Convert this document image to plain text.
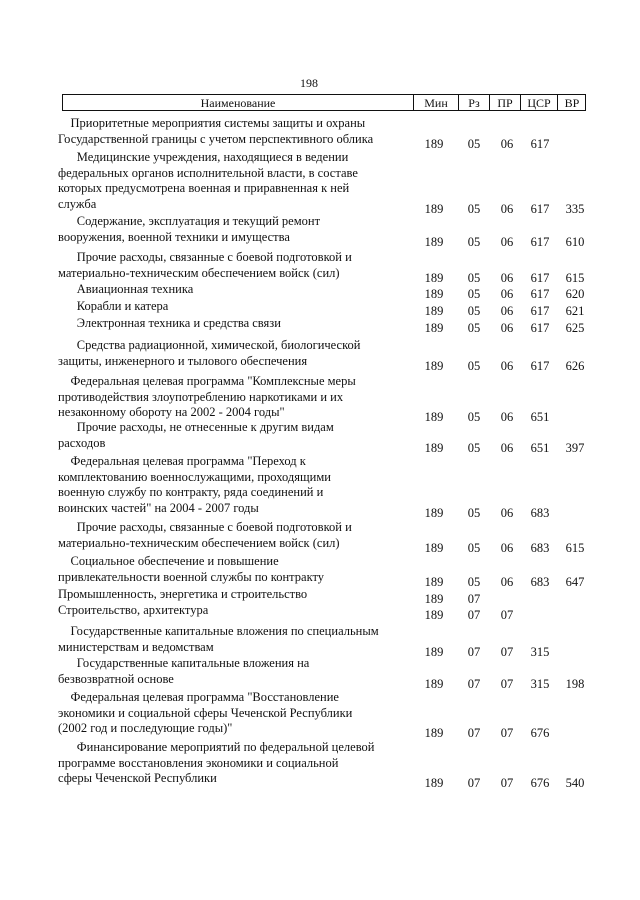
198
Наименование	Мин	Рз	ПР	ЦСР	ВР
Приоритетные мероприятия системы защиты и охраны
Государственной границы с учетом перспективного облика	189	05	06	617
Медицинские учреждения, находящиеся в ведении
федеральных органов исполнительной власти, в составе
которых предусмотрена военная и приравненная к ней
служба	189	05	06	617	335
Содержание, эксплуатация и текущий ремонт
вооружения, военной техники и имущества	189	05	06	617	610
Прочие расходы, связанные с боевой подготовкой и
материально-техническим обеспечением войск (сил)	189	05	06	617	615
Авиационная техника	189	05	06	617	620
Корабли и катера	189	05	06	617	621
Электронная техника и средства связи	189	05	06	617	625
Средства радиационной, химической, биологической
защиты, инженерного и тылового обеспечения	189	05	06	617	626
Федеральная целевая программа "Комплексные меры
противодействия злоупотреблению наркотиками и их
незаконному обороту на 2002 - 2004 годы"	189	05	06	651
Прочие расходы, не отнесенные к другим видам
расходов	189	05	06	651	397
Федеральная целевая программа "Переход к
комплектованию военнослужащими, проходящими
военную службу по контракту, ряда соединений и
воинских частей" на 2004 - 2007 годы	189	05	06	683
Прочие расходы, связанные с боевой подготовкой и
материально-техническим обеспечением войск (сил)	189	05	06	683	615
Социальное обеспечение и повышение
привлекательности военной службы по контракту	189	05	06	683	647
Промышленность, энергетика и строительство	189	07
Строительство, архитектура	189	07	07
Государственные капитальные вложения по специальным
министерствам и ведомствам	189	07	07	315
Государственные капитальные вложения на
безвозвратной основе	189	07	07	315	198
Федеральная целевая программа "Восстановление
экономики и социальной сферы Чеченской Республики
(2002 год и последующие годы)"	189	07	07	676
Финансирование мероприятий по федеральной целевой
программе восстановления экономики и социальной
сферы Чеченской Республики	189	07	07	676	540
